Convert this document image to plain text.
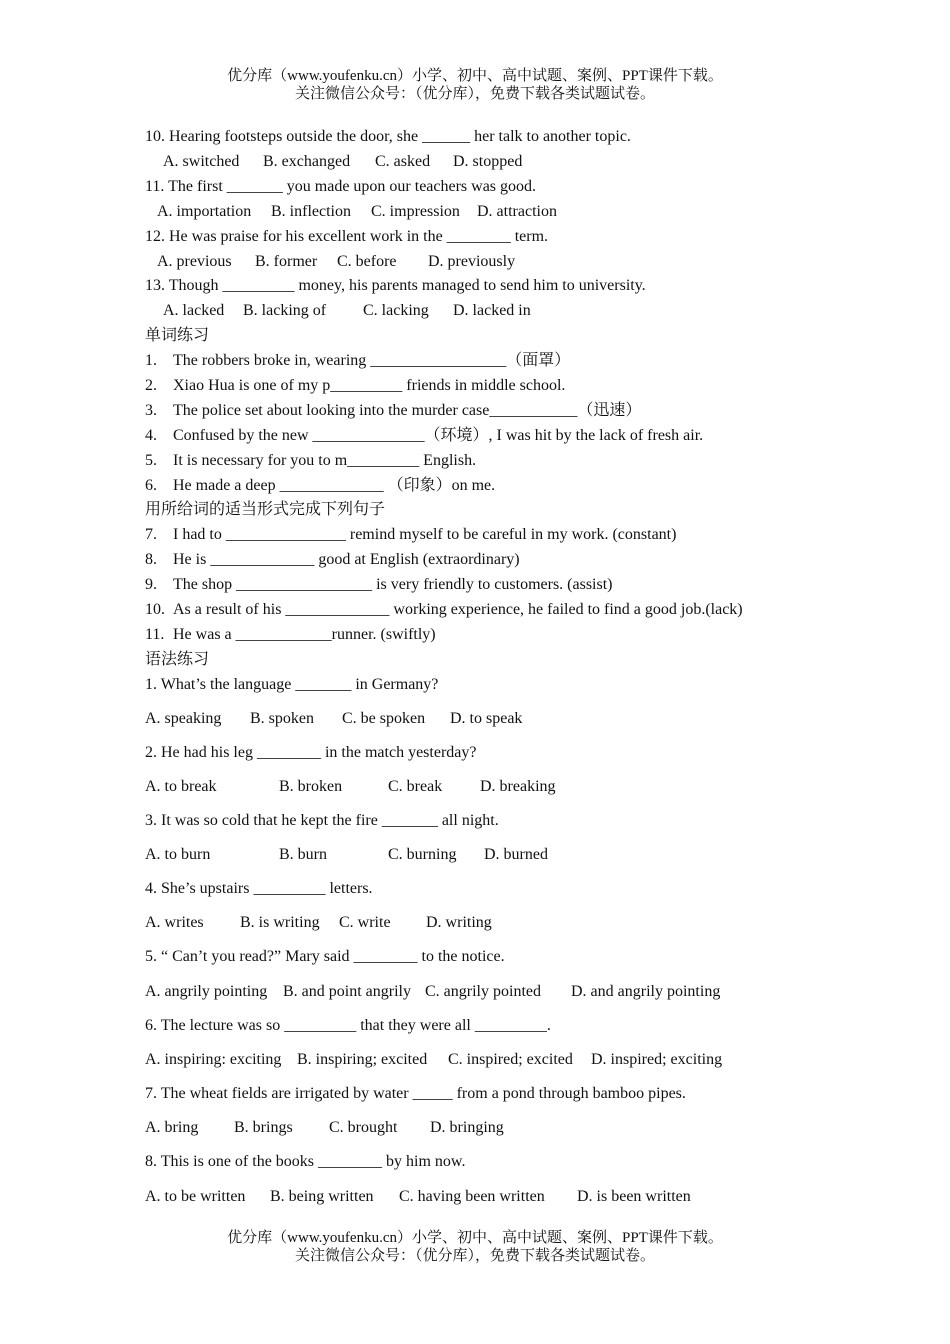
优分库（www.youfenku.cn）小学、初中、高中试题、案例、PPT课件下载。
关注微信公众号：（优分库），免费下载各类试题试卷。
10. Hearing footsteps outside the door, she ______ her talk to another topic.
A. switched B. exchanged C. asked D. stopped
11. The first _______ you made upon our teachers was good.
A. importation B. inflection C. impression D. attraction
12. He was praise for his excellent work in the ________ term.
A. previous B. former C. before D. previously
13. Though _________ money, his parents managed to send him to university.
A. lacked B. lacking of C. lacking D. lacked in
单词练习
1. The robbers broke in, wearing _________________（面罩）
2. Xiao Hua is one of my p_________ friends in middle school.
3. The police set about looking into the murder case___________（迅速）
4. Confused by the new ______________（环境）, I was hit by the lack of fresh air.
5. It is necessary for you to m_________ English.
6. He made a deep _____________ （印象）on me.
用所给词的适当形式完成下列句子
7. I had to _______________ remind myself to be careful in my work. (constant)
8. He is _____________ good at English (extraordinary)
9. The shop _________________ is very friendly to customers. (assist)
10. As a result of his _____________ working experience, he failed to find a good job.(lack)
11. He was a ____________runner. (swiftly)
语法练习
1. What’s the language _______ in Germany?
A. speaking B. spoken C. be spoken D. to speak
2. He had his leg ________ in the match yesterday?
A. to break	B. broken	C. break D. breaking
3. It was so cold that he kept the fire _______ all night.
A. to burn	B. burn	C. burning D. burned
4. She’s upstairs _________ letters.
A. writes B. is writing C. write D. writing
5. “ Can’t you read?” Mary said ________ to the notice.
A. angrily pointing B. and point angrily C. angrily pointed D. and angrily pointing
6. The lecture was so _________ that they were all _________.
A. inspiring: exciting B. inspiring; excited C. inspired; excited D. inspired; exciting
7. The wheat fields are irrigated by water _____ from a pond through bamboo pipes.
A. bring B. brings C. brought D. bringing
8. This is one of the books ________ by him now.
A. to be written B. being written C. having been written D. is been written
优分库（www.youfenku.cn）小学、初中、高中试题、案例、PPT课件下载。
关注微信公众号：（优分库），免费下载各类试题试卷。
